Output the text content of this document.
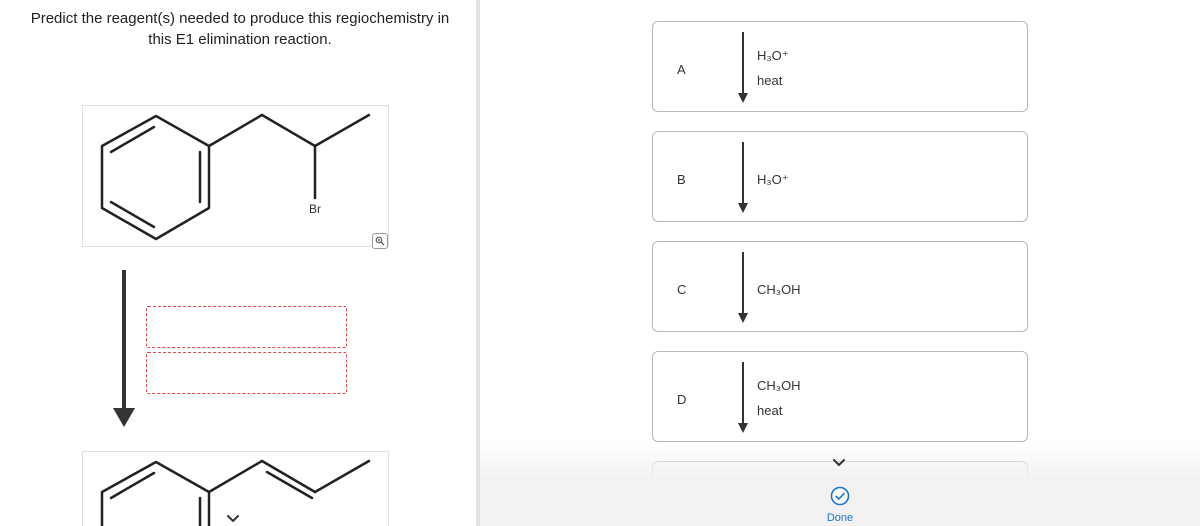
Predict the reagent(s) needed to produce this regiochemistry in
this E1 elimination reaction.
Br
A
H₃O⁺
heat
B	H₃O⁺
C	CH₃OH
D
CH₃OH
heat
Done
